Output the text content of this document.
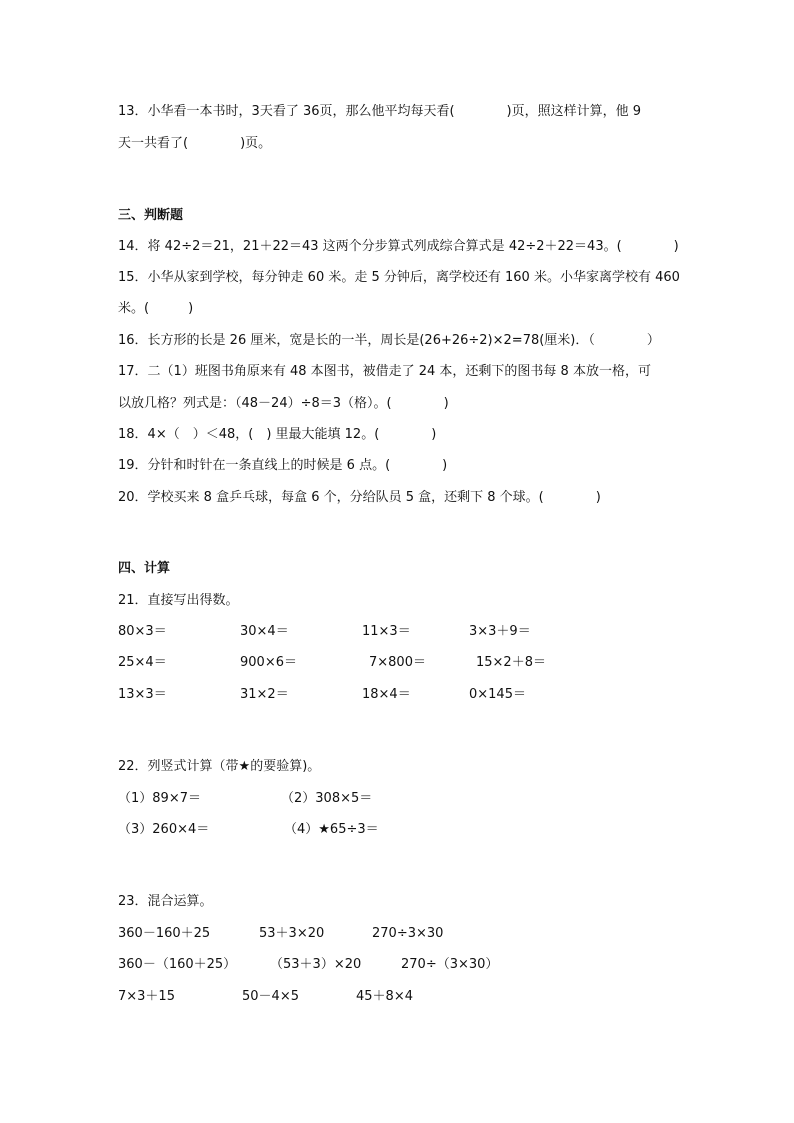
13．小华看一本书时，3天看了 36页，那么他平均每天看(　　　　)页，照这样计算，他 9
天一共看了(　　　　)页。
三、判断题
14．将 42÷2＝21，21＋22＝43 这两个分步算式列成综合算式是 42÷2＋22＝43。(　　　　)
15．小华从家到学校，每分钟走 60 米。走 5 分钟后，离学校还有 160 米。小华家离学校有 460
米。(　　　)
16．长方形的长是 26 厘米，宽是长的一半，周长是(26+26÷2)×2=78(厘米)．（　　　　）
17．二（1）班图书角原来有 48 本图书，被借走了 24 本，还剩下的图书每 8 本放一格，可
以放几格？列式是：（48－24）÷8＝3（格）。(　　　　)
18．4×（　）＜48，(　) 里最大能填 12。(　　　　)
19．分针和时针在一条直线上的时候是 6 点。(　　　　)
20．学校买来 8 盒乒乓球，每盒 6 个，分给队员 5 盒，还剩下 8 个球。(　　　　)
四、计算
21．直接写出得数。
80×3＝	30×4＝	11×3＝	3×3＋9＝
25×4＝	900×6＝	7×800＝	15×2＋8＝
13×3＝	31×2＝	18×4＝	0×145＝
22．列竖式计算（带★的要验算)。
（1）89×7＝	（2）308×5＝
（3）260×4＝	（4）★65÷3＝
23．混合运算。
360－160＋25	53＋3×20	270÷3×30
360－（160＋25）	（53＋3）×20	270÷（3×30）
7×3＋15	50－4×5	45＋8×4
